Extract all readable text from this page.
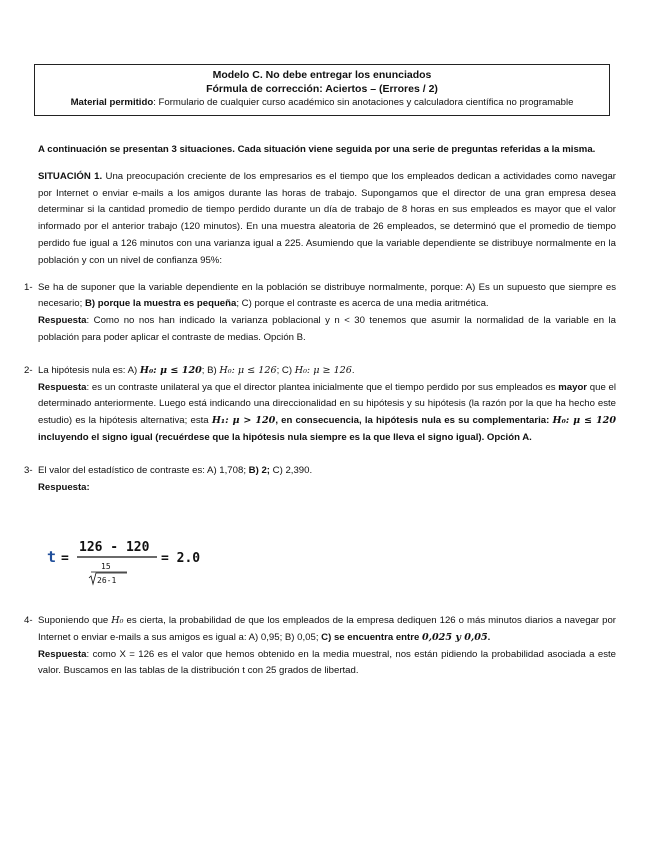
Modelo C. No debe entregar los enunciados
Fórmula de corrección: Aciertos – (Errores / 2)
Material permitido: Formulario de cualquier curso académico sin anotaciones y calculadora científica no programable

A continuación se presentan 3 situaciones. Cada situación viene seguida por una serie de preguntas referidas a la misma.

SITUACIÓN 1. Una preocupación creciente de los empresarios es el tiempo que los empleados dedican a actividades como navegar por Internet o enviar e-mails a los amigos durante las horas de trabajo. Supongamos que el director de una gran empresa desea determinar si la cantidad promedio de tiempo perdido durante un día de trabajo de 8 horas en sus empleados es mayor que el valor informado por el anterior trabajo (120 minutos). En una muestra aleatoria de 26 empleados, se determinó que el promedio de tiempo perdido fue igual a 126 minutos con una varianza igual a 225. Asumiendo que la variable dependiente se distribuye normalmente en la población y con un nivel de confianza 95%:

1- Se ha de suponer que la variable dependiente en la población se distribuye normalmente, porque: A) Es un supuesto que siempre es necesario; B) porque la muestra es pequeña; C) porque el contraste es acerca de una media aritmética.

Respuesta: Como no nos han indicado la varianza poblacional y n < 30 tenemos que asumir la normalidad de la variable en la población para poder aplicar el contraste de medias. Opción B.

2- La hipótesis nula es: A) H₀: μ ≤ 120; B) H₀: μ ≤ 126; C) H₀: μ ≥ 126.

Respuesta: es un contraste unilateral ya que el director plantea inicialmente que el tiempo perdido por sus empleados es mayor que el determinado anteriormente. Luego está indicando una direccionalidad en su hipótesis y su hipótesis (la razón por la que ha hecho este estudio) es la hipótesis alternativa; esta H₁: μ > 120, en consecuencia, la hipótesis nula es su complementaria: H₀: μ ≤ 120 incluyendo el signo igual (recuérdese que la hipótesis nula siempre es la que lleva el signo igual). Opción A.

3- El valor del estadístico de contraste es: A) 1,708; B) 2; C) 2,390.

Respuesta:

t =
126 - 120
15
26-1
= 2.0
4- Suponiendo que H₀ es cierta, la probabilidad de que los empleados de la empresa dediquen 126 o más minutos diarios a navegar por Internet o enviar e-mails a sus amigos es igual a: A) 0,95; B) 0,05; C) se encuentra entre 0,025 y 0,05.

Respuesta: como X = 126 es el valor que hemos obtenido en la media muestral, nos están pidiendo la probabilidad asociada a este valor. Buscamos en las tablas de la distribución t con 25 grados de libertad.
